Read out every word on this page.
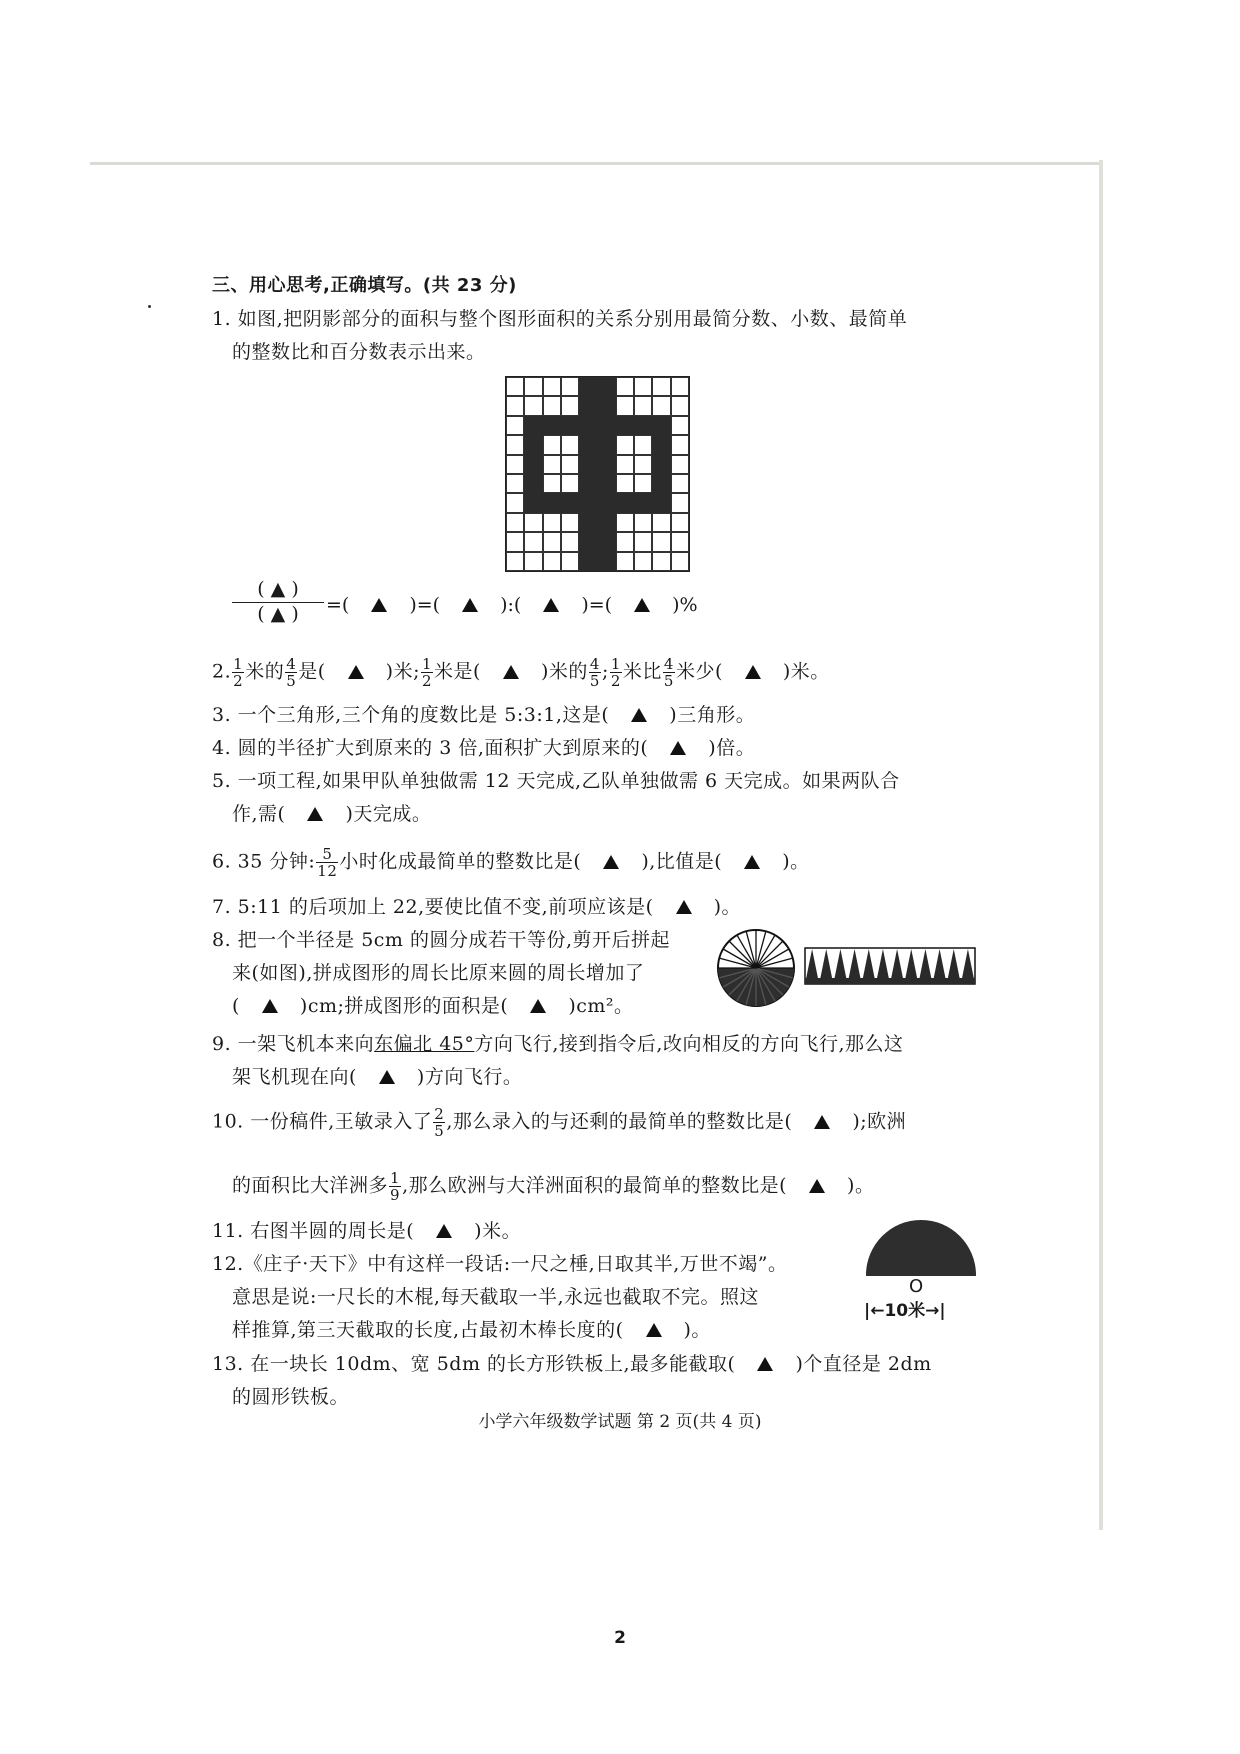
三、用心思考,正确填写。(共 23 分)
1. 如图,把阴影部分的面积与整个图形面积的关系分别用最简分数、小数、最简单
的整数比和百分数表示出来。
( ▲ )
( ▲ )	=(	)=(	):(	)=(	)%
2. $\frac{1}{2}$ 米的 $\frac{4}{5}$ 是(	)米; $\frac{1}{2}$ 米是(	)米的 $\frac{4}{5}$ ; $\frac{1}{2}$ 米比 $\frac{4}{5}$ 米少(	)米。
3. 一个三角形,三个角的度数比是 5:3:1,这是(	)三角形。
4. 圆的半径扩大到原来的 3 倍,面积扩大到原来的(	)倍。
5. 一项工程,如果甲队单独做需 12 天完成,乙队单独做需 6 天完成。如果两队合
作,需(	)天完成。
6. 35 分钟: $\frac{5}{12}$ 小时化成最简单的整数比是(	),比值是(	)。
7. 5:11 的后项加上 22,要使比值不变,前项应该是(	)。
8. 把一个半径是 5cm 的圆分成若干等份,剪开后拼起
来(如图),拼成图形的周长比原来圆的周长增加了
(	)cm;拼成图形的面积是(	)cm²。
9. 一架飞机本来向东偏北 45°方向飞行,接到指令后,改向相反的方向飞行,那么这
架飞机现在向(	)方向飞行。
10. 一份稿件,王敏录入了 $\frac{2}{5}$ ,那么录入的与还剩的最简单的整数比是(	);欧洲
的面积比大洋洲多 $\frac{1}{9}$ ,那么欧洲与大洋洲面积的最简单的整数比是(	)。
11. 右图半圆的周长是(	)米。
O
|←10米→|
12.《庄子·天下》中有这样一段话:一尺之棰,日取其半,万世不竭”。
意思是说:一尺长的木棍,每天截取一半,永远也截取不完。照这
样推算,第三天截取的长度,占最初木棒长度的(	)。
13. 在一块长 10dm、宽 5dm 的长方形铁板上,最多能截取(	)个直径是 2dm
的圆形铁板。
小学六年级数学试题 第 2 页(共 4 页)
2
